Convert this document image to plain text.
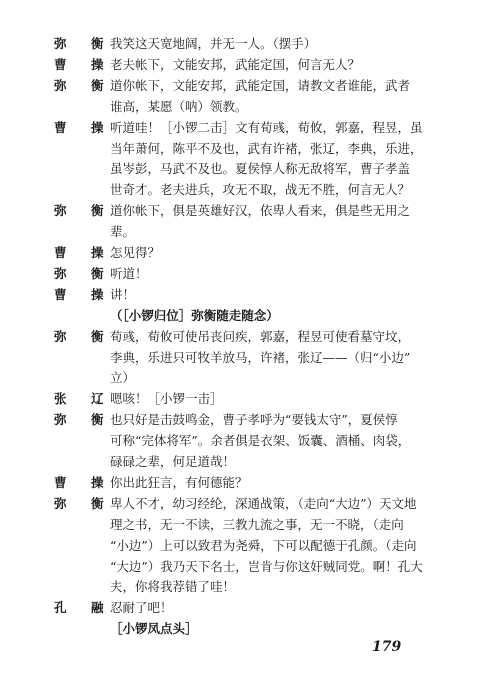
弥　衡 我笑这天宽地阔，并无一人。（摆手）
曹　操 老夫帐下，文能安邦，武能定国，何言无人？
弥　衡 道你帐下，文能安邦，武能定国，请教文者谁能，武者
谁高，某愿（呐）领教。
曹　操 听道哇！［小锣二击］文有荀彧，荀攸，郭嘉，程昱，虽
当年萧何，陈平不及也，武有许褚，张辽，李典，乐进，
虽岑彭，马武不及也。夏侯惇人称无敌将军，曹子孝盖
世奇才。老夫进兵，攻无不取，战无不胜，何言无人？
弥　衡 道你帐下，俱是英雄好汉，依卑人看来，俱是些无用之
辈。
曹　操 怎见得？
弥　衡 听道！
曹　操 讲！
（［小锣归位］弥衡随走随念）
弥　衡 荀彧，荀攸可使吊丧问疾，郭嘉，程昱可使看墓守坟，
李典，乐进只可牧羊放马，许褚，张辽——（归“小边”
立）
张　辽 嗯咳！［小锣一击］
弥　衡 也只好是击鼓鸣金，曹子孝呼为“要钱太守”，夏侯惇
可称“完体将军”。余者俱是衣架、饭囊、酒桶、肉袋，
碌碌之辈，何足道哉！
曹　操 你出此狂言，有何德能？
弥　衡 卑人不才，幼习经纶，深通战策，（走向“大边”）天文地
理之书，无一不读，三教九流之事，无一不晓，（走向
“小边”）上可以致君为尧舜，下可以配德于孔颜。（走向
“大边”）我乃天下名士，岂肯与你这奸贼同党。啊！孔大
夫，你将我荐错了哇！
孔　融 忍耐了吧！
［小锣凤点头］
179
